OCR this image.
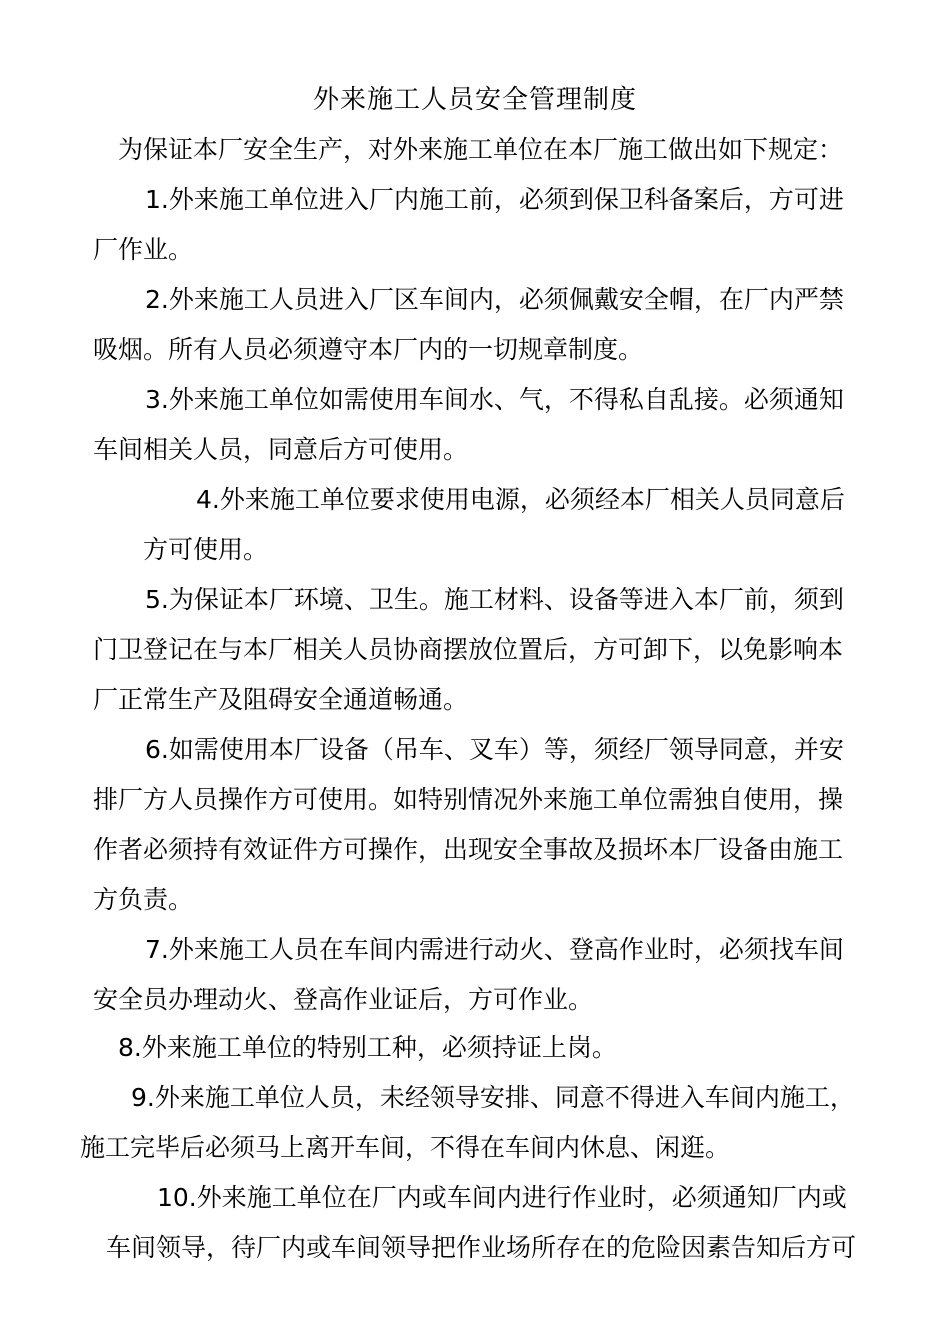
外来施工人员安全管理制度
为保证本厂安全生产，对外来施工单位在本厂施工做出如下规定：
1.外来施工单位进入厂内施工前，必须到保卫科备案后，方可进
厂作业。
2.外来施工人员进入厂区车间内，必须佩戴安全帽，在厂内严禁
吸烟。所有人员必须遵守本厂内的一切规章制度。
3.外来施工单位如需使用车间水、气，不得私自乱接。必须通知
车间相关人员，同意后方可使用。
4.外来施工单位要求使用电源，必须经本厂相关人员同意后
方可使用。
5.为保证本厂环境、卫生。施工材料、设备等进入本厂前，须到
门卫登记在与本厂相关人员协商摆放位置后，方可卸下，以免影响本
厂正常生产及阻碍安全通道畅通。
6.如需使用本厂设备（吊车、叉车）等，须经厂领导同意，并安
排厂方人员操作方可使用。如特别情况外来施工单位需独自使用，操
作者必须持有效证件方可操作，出现安全事故及损坏本厂设备由施工
方负责。
7.外来施工人员在车间内需进行动火、登高作业时，必须找车间
安全员办理动火、登高作业证后，方可作业。
8.外来施工单位的特别工种，必须持证上岗。
9.外来施工单位人员，未经领导安排、同意不得进入车间内施工，
施工完毕后必须马上离开车间，不得在车间内休息、闲逛。
10.外来施工单位在厂内或车间内进行作业时，必须通知厂内或
车间领导，待厂内或车间领导把作业场所存在的危险因素告知后方可
